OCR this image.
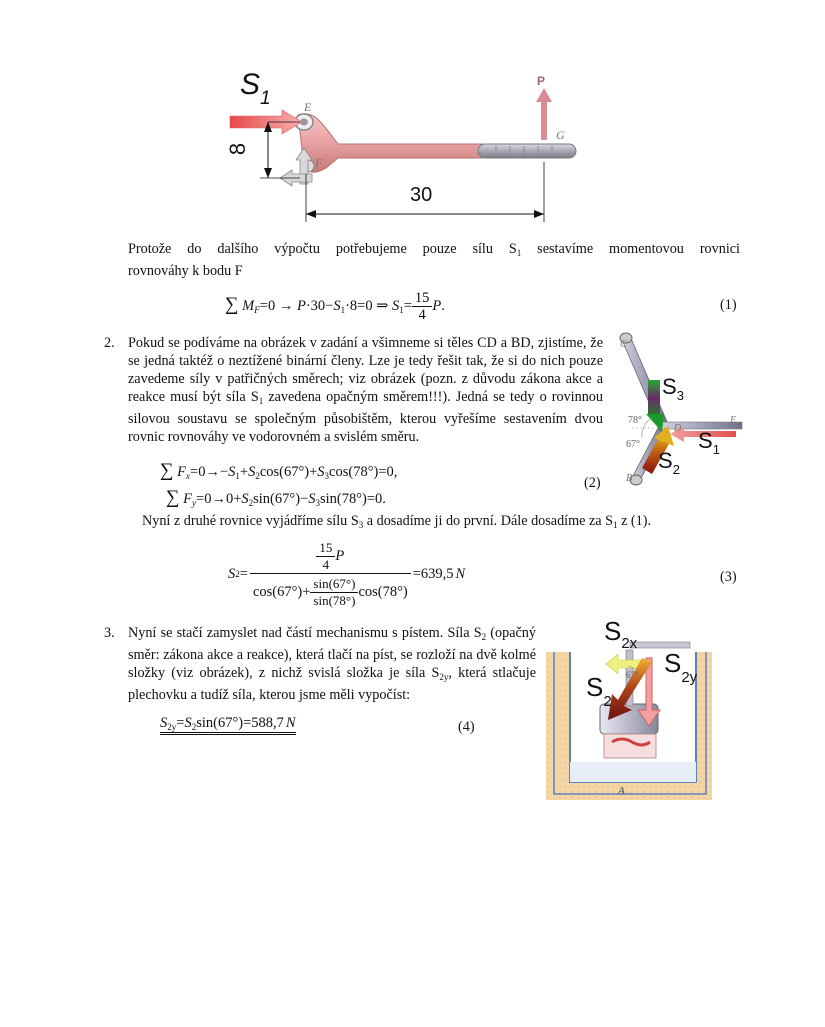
$S_1$	E
F
P
G
8
30

Protože do dalšího výpočtu potřebujeme pouze sílu $S_1$ sestavíme momentovou rovnici

rovnováhy k bodu F

∑ $M_F=0 \to P\cdot 30-S_1\cdot 8=0$ ⇒ $S_1= \frac{15}{4} P$.	(1)
2. Pokud se podíváme na obrázek v zadání a všimneme si těles CD a BD, zjistíme, že se jedná taktéž o neztížené binární členy. Lze je tedy řešit tak, že si do nich pouze zavedeme síly v patřičných směrech; viz obrázek (pozn. z důvodu zákona akce a reakce musí být síla $S_1$ zavedena opačným směrem!!!). Jedná se tedy o rovinnou silovou soustavu se společným působištěm, kterou vyřešíme sestavením dvou rovnic rovnováhy ve vodorovném a svislém směru.

C
D
E
B
78°
67°
$S_3$
$S_1$
$S_2$
∑ $F_x=0\to-S_1+S_2\cos(67^\circ)+S_3\cos(78^\circ)=0$,
∑ $F_y=0\to 0+S_2\sin(67^\circ)-S_3\sin(78^\circ)=0$.
(2)

Nyní z druhé rovnice vyjádříme sílu $S_3$ a dosadíme ji do první. Dále dosadíme za $S_1$ z (1).

S $2 = \frac{\frac{15}{4} P}{\cos(67^\circ)+ \frac{\sin(67^\circ)}{\sin(78^\circ)} \cos(78^\circ)} =639,5$ N	(3)
3. Nyní se stačí zamyslet nad částí mechanismu s pístem. Síla $S_2$ (opačný směr: zákona akce a reakce), která tlačí na píst, se rozloží na dvě kolmé složky (viz obrázek), z nichž svislá složka je síla $S_{2y}$, která stlačuje plechovku a tudíž síla, kterou jsme měli vypočíst:

$S_{2y}=S_2\sin(67^\circ)=588,7$ N	(4)
$S_{2x}$
$S_{2y}$
$S_2$
67°
A
